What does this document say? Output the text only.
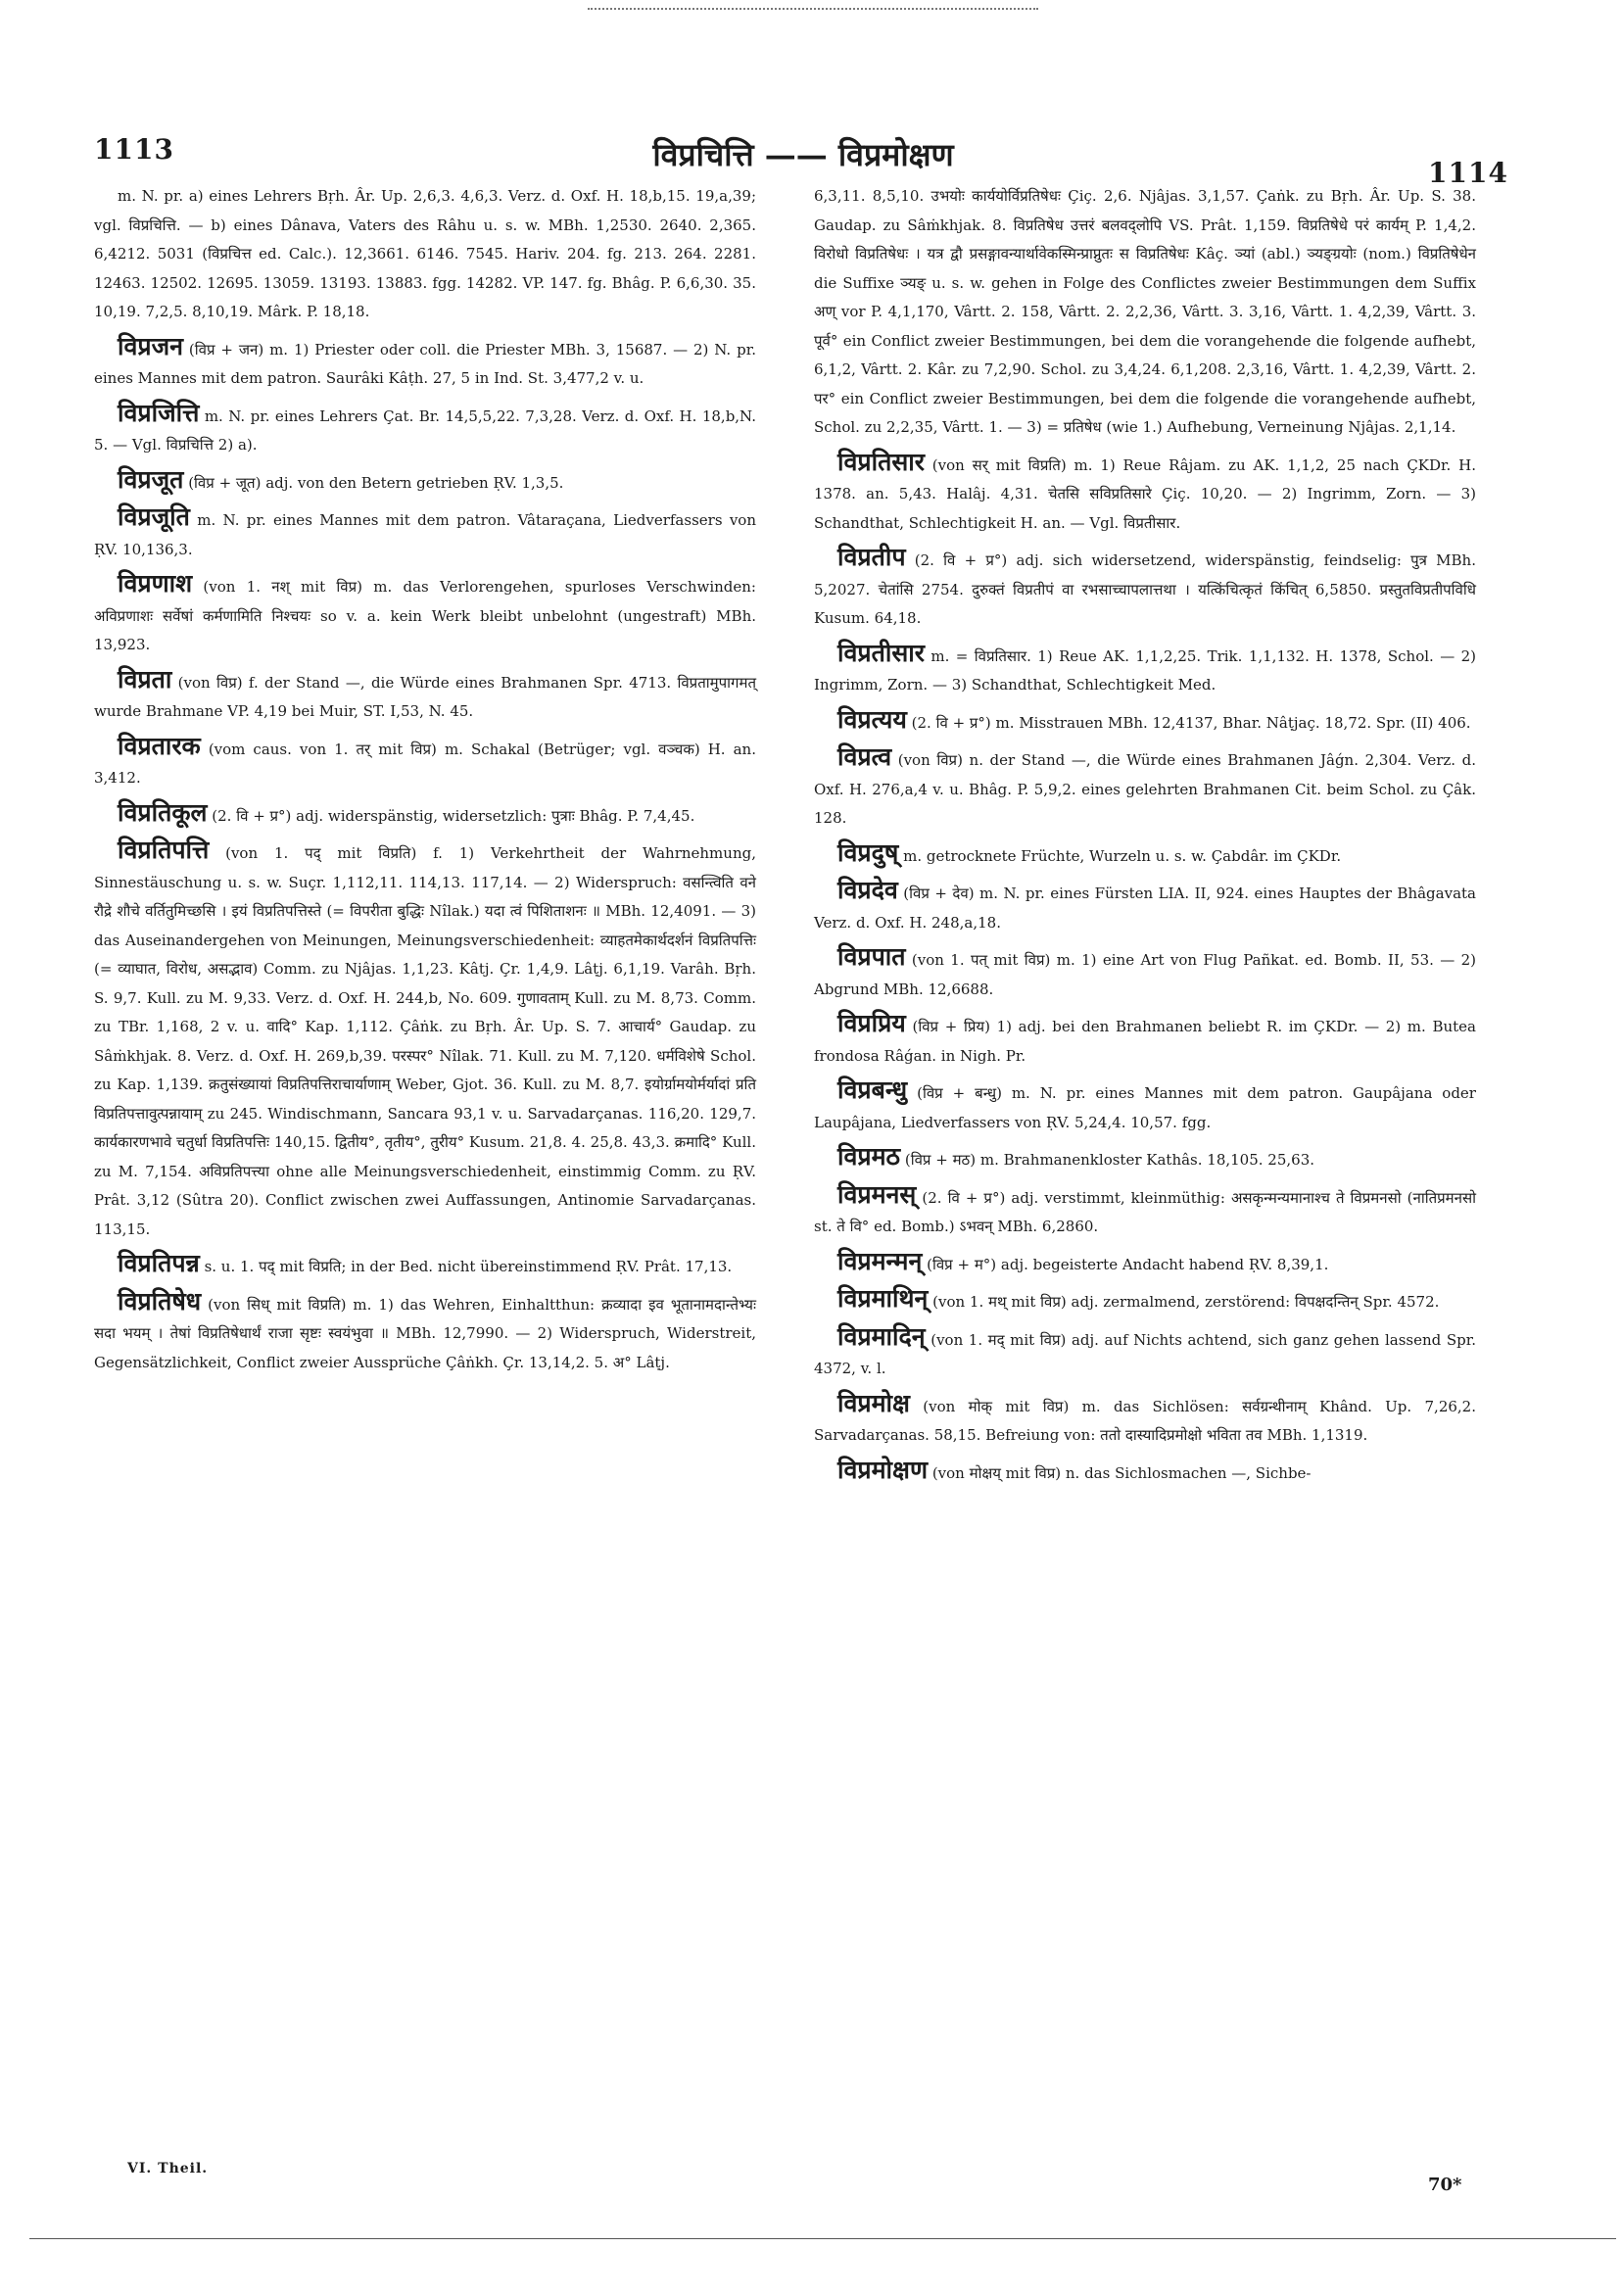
1113	विप्रचित्ति —— विप्रमोक्षण	1114

m. N. pr. a) eines Lehrers Bṛh. Âr. Up. 2,6,3. 4,6,3. Verz. d. Oxf. H. 18,b,15. 19,a,39; vgl. विप्रचित्ति. — b) eines Dânava, Vaters des Râhu u. s. w. MBh. 1,2530. 2640. 2,365. 6,4212. 5031 (विप्रचित्त ed. Calc.). 12,3661. 6146. 7545. Hariv. 204. fg. 213. 264. 2281. 12463. 12502. 12695. 13059. 13193. 13883. fgg. 14282. VP. 147. fg. Bhâg. P. 6,6,30. 35. 10,19. 7,2,5. 8,10,19. Mârk. P. 18,18.

विप्रजन (विप्र + जन) m. 1) Priester oder coll. die Priester MBh. 3, 15687. — 2) N. pr. eines Mannes mit dem patron. Saurâki Kâṭh. 27, 5 in Ind. St. 3,477,2 v. u.

विप्रजित्ति m. N. pr. eines Lehrers Çat. Br. 14,5,5,22. 7,3,28. Verz. d. Oxf. H. 18,b,N. 5. — Vgl. विप्रचित्ति 2) a).

विप्रजूत (विप्र + जूत) adj. von den Betern getrieben ṚV. 1,3,5.

विप्रजूति m. N. pr. eines Mannes mit dem patron. Vâtaraçana, Liedverfassers von ṚV. 10,136,3.

विप्रणाश (von 1. नश् mit विप्र) m. das Verlorengehen, spurloses Verschwinden: अविप्रणाशः सर्वेषां कर्मणामिति निश्चयः so v. a. kein Werk bleibt unbelohnt (ungestraft) MBh. 13,923.

विप्रता (von विप्र) f. der Stand —, die Würde eines Brahmanen Spr. 4713. विप्रतामुपागमत् wurde Brahmane VP. 4,19 bei Muir, ST. I,53, N. 45.

विप्रतारक (vom caus. von 1. तर् mit विप्र) m. Schakal (Betrüger; vgl. वञ्चक) H. an. 3,412.

विप्रतिकूल (2. वि + प्र°) adj. widerspänstig, widersetzlich: पुत्राः Bhâg. P. 7,4,45.

विप्रतिपत्ति (von 1. पद् mit विप्रति) f. 1) Verkehrtheit der Wahrnehmung, Sinnestäuschung u. s. w. Suçr. 1,112,11. 114,13. 117,14. — 2) Widerspruch: वसन्त्विति वने रौद्रे शौचे वर्तितुमिच्छसि । इयं विप्रतिपत्तिस्ते (= विपरीता बुद्धिः Nîlak.) यदा त्वं पिशिताशनः ॥ MBh. 12,4091. — 3) das Auseinandergehen von Meinungen, Meinungsverschiedenheit: व्याहतमेकार्थदर्शनं विप्रतिपत्तिः (= व्याघात, विरोध, असद्भाव) Comm. zu Njâjas. 1,1,23. Kâtj. Çr. 1,4,9. Lâṭj. 6,1,19. Varâh. Bṛh. S. 9,7. Kull. zu M. 9,33. Verz. d. Oxf. H. 244,b, No. 609. गुणावताम् Kull. zu M. 8,73. Comm. zu TBr. 1,168, 2 v. u. वादि° Kap. 1,112. Çâṅk. zu Bṛh. Âr. Up. S. 7. आचार्य° Gaudap. zu Sâṁkhjak. 8. Verz. d. Oxf. H. 269,b,39. परस्पर° Nîlak. 71. Kull. zu M. 7,120. धर्मविशेषे Schol. zu Kap. 1,139. क्रतुसंख्यायां विप्रतिपत्तिराचार्याणाम् Weber, Gjot. 36. Kull. zu M. 8,7. इयोर्ग्रामयोर्मर्यादां प्रति विप्रतिपत्तावुत्पन्नायाम् zu 245. Windischmann, Sancara 93,1 v. u. Sarvadarçanas. 116,20. 129,7. कार्यकारणभावे चतुर्धा विप्रतिपत्तिः 140,15. द्वितीय°, तृतीय°, तुरीय° Kusum. 21,8. 4. 25,8. 43,3. क्रमादि° Kull. zu M. 7,154. अविप्रतिपत्त्या ohne alle Meinungsverschiedenheit, einstimmig Comm. zu ṚV. Prât. 3,12 (Sûtra 20). Conflict zwischen zwei Auffassungen, Antinomie Sarvadarçanas. 113,15.

विप्रतिपन्न s. u. 1. पद् mit विप्रति; in der Bed. nicht übereinstimmend ṚV. Prât. 17,13.

विप्रतिषेध (von सिध् mit विप्रति) m. 1) das Wehren, Einhaltthun: क्रव्यादा इव भूतानामदान्तेभ्यः सदा भयम् । तेषां विप्रतिषेधार्थं राजा सृष्टः स्वयंभुवा ॥ MBh. 12,7990. — 2) Widerspruch, Widerstreit, Gegensätzlichkeit, Conflict zweier Aussprüche Çâṅkh. Çr. 13,14,2. 5. अ° Lâṭj.

6,3,11. 8,5,10. उभयोः कार्ययोर्विप्रतिषेधः Çiç. 2,6. Njâjas. 3,1,57. Çaṅk. zu Bṛh. Âr. Up. S. 38. Gaudap. zu Sâṁkhjak. 8. विप्रतिषेध उत्तरं बलवद्लोपि VS. Prât. 1,159. विप्रतिषेधे परं कार्यम् P. 1,4,2. विरोधो विप्रतिषेधः । यत्र द्वौ प्रसङ्गावन्यार्थावेकस्मिन्प्राप्नुतः स विप्रतिषेधः Kâç. ञ्यां (abl.) ञ्यङ्ग्रयोः (nom.) विप्रतिषेधेन die Suffixe ञ्यङ् u. s. w. gehen in Folge des Conflictes zweier Bestimmungen dem Suffix अण् vor P. 4,1,170, Vârtt. 2. 158, Vârtt. 2. 2,2,36, Vârtt. 3. 3,16, Vârtt. 1. 4,2,39, Vârtt. 3. पूर्व° ein Conflict zweier Bestimmungen, bei dem die vorangehende die folgende aufhebt, 6,1,2, Vârtt. 2. Kâr. zu 7,2,90. Schol. zu 3,4,24. 6,1,208. 2,3,16, Vârtt. 1. 4,2,39, Vârtt. 2. पर° ein Conflict zweier Bestimmungen, bei dem die folgende die vorangehende aufhebt, Schol. zu 2,2,35, Vârtt. 1. — 3) = प्रतिषेध (wie 1.) Aufhebung, Verneinung Njâjas. 2,1,14.

विप्रतिसार (von सर् mit विप्रति) m. 1) Reue Râjam. zu AK. 1,1,2, 25 nach ÇKDr. H. 1378. an. 5,43. Halâj. 4,31. चेतसि सविप्रतिसारे Çiç. 10,20. — 2) Ingrimm, Zorn. — 3) Schandthat, Schlechtigkeit H. an. — Vgl. विप्रतीसार.

विप्रतीप (2. वि + प्र°) adj. sich widersetzend, widerspänstig, feindselig: पुत्र MBh. 5,2027. चेतांसि 2754. दुरुक्तं विप्रतीपं वा रभसाच्चापलात्तथा । यत्किंचित्कृतं किंचित् 6,5850. प्रस्तुतविप्रतीपविधि Kusum. 64,18.

विप्रतीसार m. = विप्रतिसार. 1) Reue AK. 1,1,2,25. Trik. 1,1,132. H. 1378, Schol. — 2) Ingrimm, Zorn. — 3) Schandthat, Schlechtigkeit Med.

विप्रत्यय (2. वि + प्र°) m. Misstrauen MBh. 12,4137, Bhar. Nâṭjaç. 18,72. Spr. (II) 406.

विप्रत्व (von विप्र) n. der Stand —, die Würde eines Brahmanen Jâǵn. 2,304. Verz. d. Oxf. H. 276,a,4 v. u. Bhâg. P. 5,9,2. eines gelehrten Brahmanen Cit. beim Schol. zu Çâk. 128.

विप्रदुष् m. getrocknete Früchte, Wurzeln u. s. w. Çabdâr. im ÇKDr.

विप्रदेव (विप्र + देव) m. N. pr. eines Fürsten LIA. II, 924. eines Hauptes der Bhâgavata Verz. d. Oxf. H. 248,a,18.

विप्रपात (von 1. पत् mit विप्र) m. 1) eine Art von Flug Pañkat. ed. Bomb. II, 53. — 2) Abgrund MBh. 12,6688.

विप्रप्रिय (विप्र + प्रिय) 1) adj. bei den Brahmanen beliebt R. im ÇKDr. — 2) m. Butea frondosa Râǵan. in Nigh. Pr.

विप्रबन्धु (विप्र + बन्धु) m. N. pr. eines Mannes mit dem patron. Gaupâjana oder Laupâjana, Liedverfassers von ṚV. 5,24,4. 10,57. fgg.

विप्रमठ (विप्र + मठ) m. Brahmanenkloster Kathâs. 18,105. 25,63.

विप्रमनस् (2. वि + प्र°) adj. verstimmt, kleinmüthig: असकृन्मन्यमानाश्च ते विप्रमनसो (नातिप्रमनसो st. ते वि° ed. Bomb.) ऽभवन् MBh. 6,2860.

विप्रमन्मन् (विप्र + म°) adj. begeisterte Andacht habend ṚV. 8,39,1.

विप्रमाथिन् (von 1. मथ् mit विप्र) adj. zermalmend, zerstörend: विपक्षदन्तिन् Spr. 4572.

विप्रमादिन् (von 1. मद् mit विप्र) adj. auf Nichts achtend, sich ganz gehen lassend Spr. 4372, v. l.

विप्रमोक्ष (von मोक् mit विप्र) m. das Sichlösen: सर्वग्रन्थीनाम् Khând. Up. 7,26,2. Sarvadarçanas. 58,15. Befreiung von: ततो दास्यादिप्रमोक्षो भविता तव MBh. 1,1319.

विप्रमोक्षण (von मोक्षय् mit विप्र) n. das Sichlosmachen —, Sichbe-

VI. Theil.
70*
